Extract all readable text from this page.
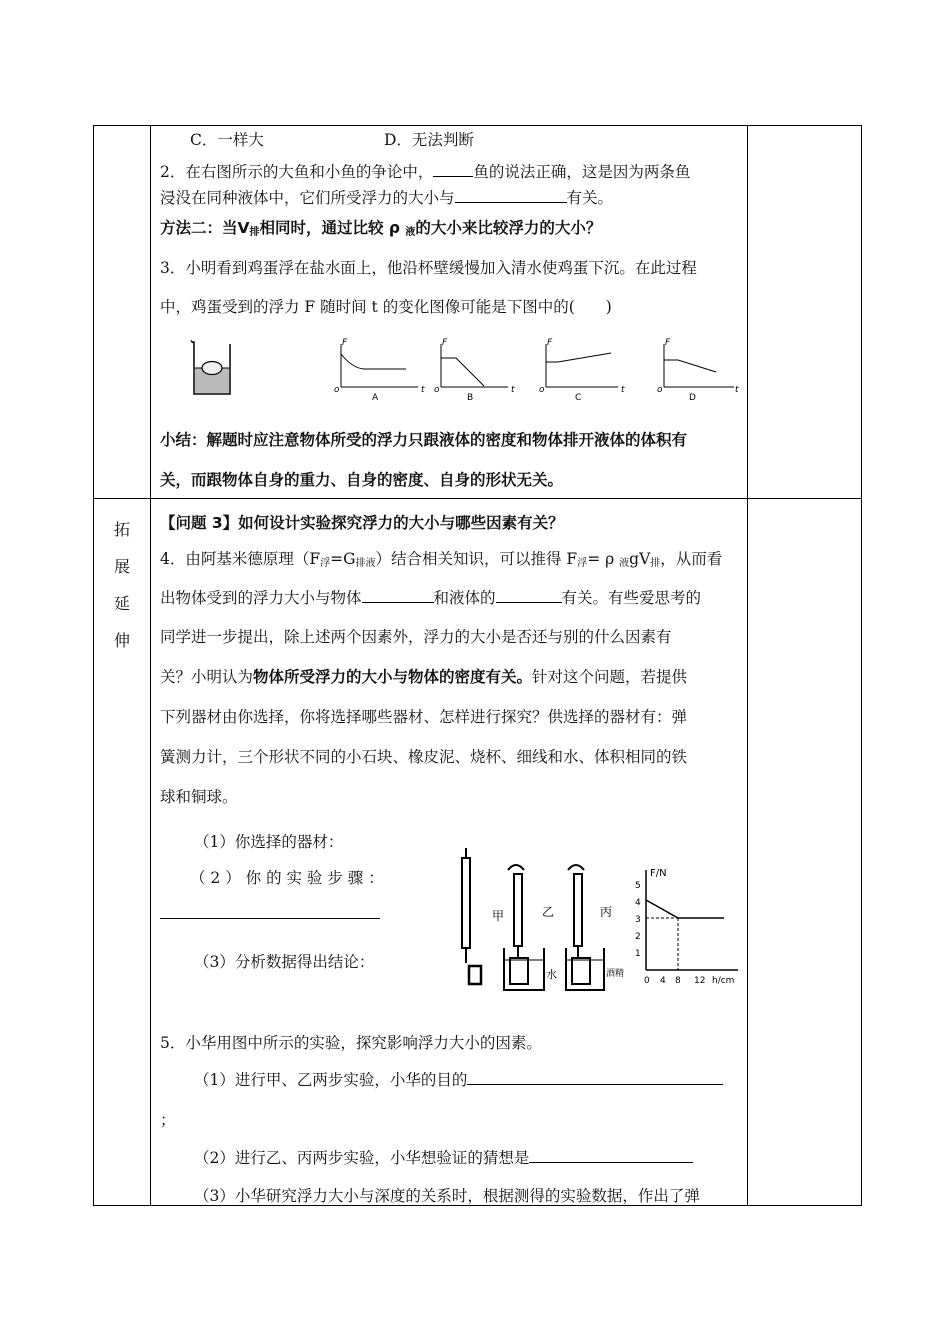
拓
展
延
伸
C．一样大	D．无法判断
2．在右图所示的大鱼和小鱼的争论中，	鱼的说法正确，这是因为两条鱼
浸没在同种液体中，它们所受浮力的大小与	有关。
方法二：当$V_排$相同时，通过比较 ρ $_液$的大小来比较浮力的大小？
3．小明看到鸡蛋浮在盐水面上，他沿杯壁缓慢加入清水使鸡蛋下沉。在此过程
中，鸡蛋受到的浮力 F 随时间 t 的变化图像可能是下图中的(　　)
F
o	t
A
F
o	t
B
F
o	t
C
F
o	t
D
小结：解题时应注意物体所受的浮力只跟液体的密度和物体排开液体的体积有
关，而跟物体自身的重力、自身的密度、自身的形状无关。
【问题 3】如何设计实验探究浮力的大小与哪些因素有关？
4．由阿基米德原理$(F_浮=G_{排液})$结合相关知识，可以推得 $F_浮= \rho$ $_液gV_排$，从而看
出物体受到的浮力大小与物体	和液体的	有关。有些爱思考的
同学进一步提出，除上述两个因素外，浮力的大小是否还与别的什么因素有
关？小明认为物体所受浮力的大小与物体的密度有关。针对这个问题，若提供
下列器材由你选择，你将选择哪些器材、怎样进行探究？供选择的器材有：弹
簧测力计，三个形状不同的小石块、橡皮泥、烧杯、细线和水、体积相同的铁
球和铜球。
（1）你选择的器材：
（ 2 ） 你 的 实 验 步 骤 ：
（3）分析数据得出结论：
甲	乙	丙
水	酒精
F/N
5
4
3
2
1
0 4 8 12 h/cm
5．小华用图中所示的实验，探究影响浮力大小的因素。
（1）进行甲、乙两步实验，小华的目的
；
（2）进行乙、丙两步实验，小华想验证的猜想是
（3）小华研究浮力大小与深度的关系时，根据测得的实验数据，作出了弹
